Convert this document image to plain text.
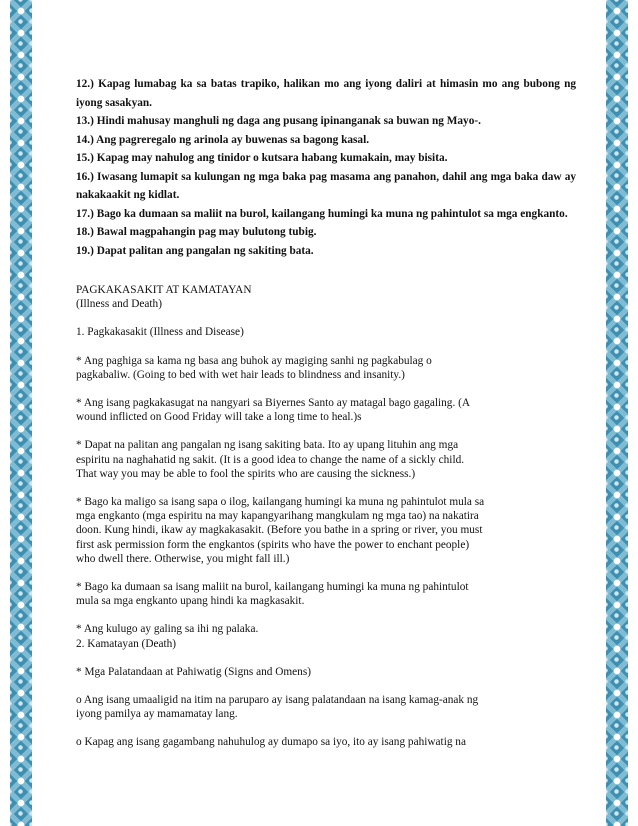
12.) Kapag lumabag ka sa batas trapiko, halikan mo ang iyong daliri at himasin mo ang bubong ng iyong sasakyan.

13.) Hindi mahusay manghuli ng daga ang pusang ipinanganak sa buwan ng Mayo-.

14.) Ang pagreregalo ng arinola ay buwenas sa bagong kasal.

15.) Kapag may nahulog ang tinidor o kutsara habang kumakain, may bisita.

16.) Iwasang lumapit sa kulungan ng mga baka pag masama ang panahon, dahil ang mga baka daw ay nakakaakit ng kidlat.

17.) Bago ka dumaan sa maliit na burol, kailangang humingi ka muna ng pahintulot sa mga engkanto.

18.) Bawal magpahangin pag may bulutong tubig.

19.) Dapat palitan ang pangalan ng sakiting bata.

PAGKAKASAKIT AT KAMATAYAN

(Illness and Death)

1. Pagkakasakit (Illness and Disease)

* Ang paghiga sa kama ng basa ang buhok ay magiging sanhi ng pagkabulag o

pagkabaliw. (Going to bed with wet hair leads to blindness and insanity.)

* Ang isang pagkakasugat na nangyari sa Biyernes Santo ay matagal bago gagaling. (A

wound inflicted on Good Friday will take a long time to heal.)s

* Dapat na palitan ang pangalan ng isang sakiting bata. Ito ay upang lituhin ang mga

espiritu na naghahatid ng sakit. (It is a good idea to change the name of a sickly child.

That way you may be able to fool the spirits who are causing the sickness.)

* Bago ka maligo sa isang sapa o ilog, kailangang humingi ka muna ng pahintulot mula sa

mga engkanto (mga espiritu na may kapangyarihang mangkulam ng mga tao) na nakatira

doon. Kung hindi, ikaw ay magkakasakit. (Before you bathe in a spring or river, you must

first ask permission form the engkantos (spirits who have the power to enchant people)

who dwell there. Otherwise, you might fall ill.)

* Bago ka dumaan sa isang maliit na burol, kailangang humingi ka muna ng pahintulot

mula sa mga engkanto upang hindi ka magkasakit.

* Ang kulugo ay galing sa ihi ng palaka.

2. Kamatayan (Death)

* Mga Palatandaan at Pahiwatig (Signs and Omens)

o Ang isang umaaligid na itim na paruparo ay isang palatandaan na isang kamag-anak ng

iyong pamilya ay mamamatay lang.

o Kapag ang isang gagambang nahuhulog ay dumapo sa iyo, ito ay isang pahiwatig na
